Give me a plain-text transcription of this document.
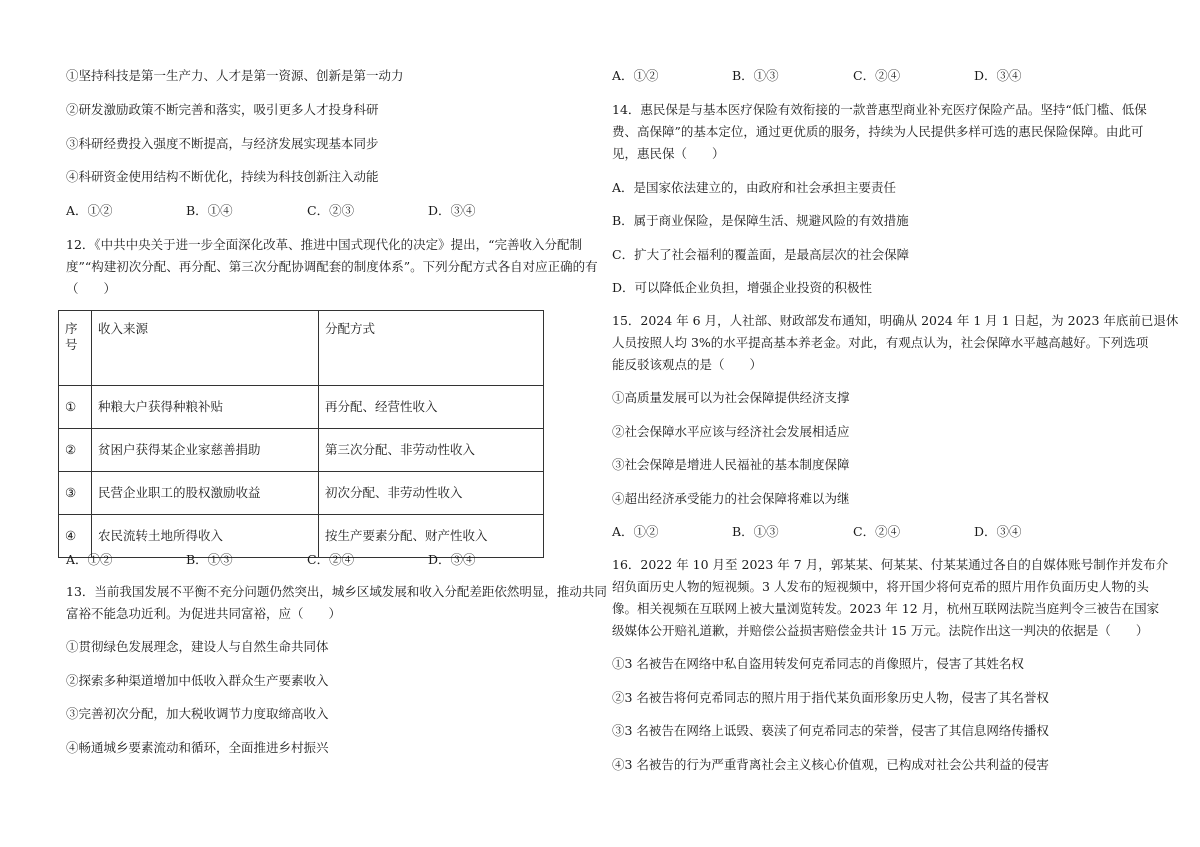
①坚持科技是第一生产力、人才是第一资源、创新是第一动力
②研发激励政策不断完善和落实，吸引更多人才投身科研
③科研经费投入强度不断提高，与经济发展实现基本同步
④科研资金使用结构不断优化，持续为科技创新注入动能
A．①②	B．①④	C．②③	D．③④
12．《中共中央关于进一步全面深化改革、推进中国式现代化的决定》提出，“完善收入分配制
度”“构建初次分配、再分配、第三次分配协调配套的制度体系”。下列分配方式各自对应正确的有
（　　）
序
号	收入来源	分配方式
①	种粮大户获得种粮补贴	再分配、经营性收入
②	贫困户获得某企业家慈善捐助	第三次分配、非劳动性收入
③	民营企业职工的股权激励收益	初次分配、非劳动性收入
④	农民流转土地所得收入	按生产要素分配、财产性收入
A．①②	B．①③	C．②④	D．③④
13．当前我国发展不平衡不充分问题仍然突出，城乡区域发展和收入分配差距依然明显，推动共同
富裕不能急功近利。为促进共同富裕，应（　　）
①贯彻绿色发展理念，建设人与自然生命共同体
②探索多种渠道增加中低收入群众生产要素收入
③完善初次分配，加大税收调节力度取缔高收入
④畅通城乡要素流动和循环，全面推进乡村振兴
A．①②	B．①③	C．②④	D．③④
14．惠民保是与基本医疗保险有效衔接的一款普惠型商业补充医疗保险产品。坚持“低门槛、低保
费、高保障”的基本定位，通过更优质的服务，持续为人民提供多样可选的惠民保险保障。由此可
见，惠民保（　　）
A．是国家依法建立的，由政府和社会承担主要责任
B．属于商业保险，是保障生活、规避风险的有效措施
C．扩大了社会福利的覆盖面，是最高层次的社会保障
D．可以降低企业负担，增强企业投资的积极性
15．2024 年 6 月，人社部、财政部发布通知，明确从 2024 年 1 月 1 日起，为 2023 年底前已退休
人员按照人均 3%的水平提高基本养老金。对此，有观点认为，社会保障水平越高越好。下列选项
能反驳该观点的是（　　）
①高质量发展可以为社会保障提供经济支撑
②社会保障水平应该与经济社会发展相适应
③社会保障是增进人民福祉的基本制度保障
④超出经济承受能力的社会保障将难以为继
A．①②	B．①③	C．②④	D．③④
16．2022 年 10 月至 2023 年 7 月，郭某某、何某某、付某某通过各自的自媒体账号制作并发布介
绍负面历史人物的短视频。3 人发布的短视频中，将开国少将何克希的照片用作负面历史人物的头
像。相关视频在互联网上被大量浏览转发。2023 年 12 月，杭州互联网法院当庭判令三被告在国家
级媒体公开赔礼道歉，并赔偿公益损害赔偿金共计 15 万元。法院作出这一判决的依据是（　　）
①3 名被告在网络中私自盗用转发何克希同志的肖像照片，侵害了其姓名权
②3 名被告将何克希同志的照片用于指代某负面形象历史人物，侵害了其名誉权
③3 名被告在网络上诋毁、亵渎了何克希同志的荣誉，侵害了其信息网络传播权
④3 名被告的行为严重背离社会主义核心价值观，已构成对社会公共利益的侵害
